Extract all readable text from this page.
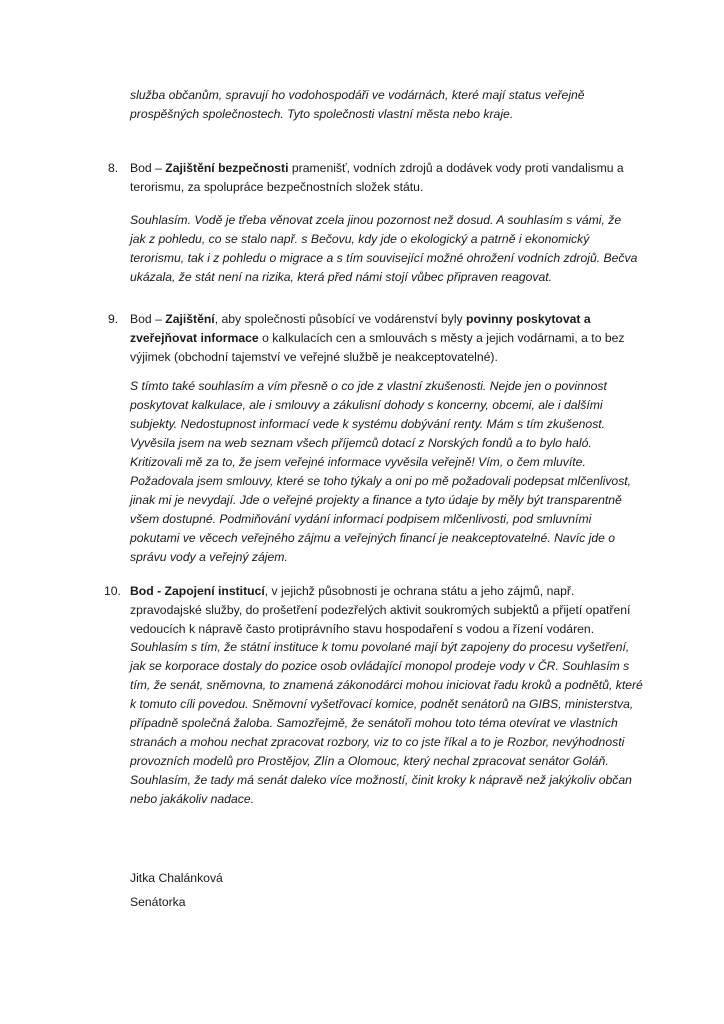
služba občanům, spravují ho vodohospodáři ve vodárnách, které mají status veřejně prospěšných společnostech. Tyto společnosti vlastní města nebo kraje.

8. Bod – Zajištění bezpečnosti pramenišť, vodních zdrojů a dodávek vody proti vandalismu a terorismu, za spolupráce bezpečnostních složek státu.

Souhlasím. Vodě je třeba věnovat zcela jinou pozornost než dosud. A souhlasím s vámi, že jak z pohledu, co se stalo např. s Bečovu, kdy jde o ekologický a patrně i ekonomický terorismu, tak i z pohledu o migrace a s tím související možné ohrožení vodních zdrojů. Bečva ukázala, že stát není na rizika, která před námi stojí vůbec připraven reagovat.

9. Bod – Zajištění, aby společnosti působící ve vodárenství byly povinny poskytovat a zveřejňovat informace o kalkulacích cen a smlouvách s městy a jejich vodárnami, a to bez výjimek (obchodní tajemství ve veřejné službě je neakceptovatelné).

S tímto také souhlasím a vím přesně o co jde z vlastní zkušenosti. Nejde jen o povinnost poskytovat kalkulace, ale i smlouvy a zákulisní dohody s koncerny, obcemi, ale i dalšími subjekty. Nedostupnost informací vede k systému dobývání renty. Mám s tím zkušenost. Vyvěsila jsem na web seznam všech příjemců dotací z Norských fondů a to bylo haló. Kritizovali mě za to, že jsem veřejné informace vyvěsila veřejně! Vím, o čem mluvíte. Požadovala jsem smlouvy, které se toho týkaly a oni po mě požadovali podepsat mlčenlivost, jinak mi je nevydají. Jde o veřejné projekty a finance a tyto údaje by měly být transparentně všem dostupné. Podmiňování vydání informací podpisem mlčenlivosti, pod smluvními pokutami ve věcech veřejného zájmu a veřejných financí je neakceptovatelné. Navíc jde o správu vody a veřejný zájem.

10. Bod - Zapojení institucí, v jejichž působnosti je ochrana státu a jeho zájmů, např. zpravodajské služby, do prošetření podezřelých aktivit soukromých subjektů a přijetí opatření vedoucích k nápravě často protiprávního stavu hospodaření s vodou a řízení vodáren.

Souhlasím s tím, že státní instituce k tomu povolané mají být zapojeny do procesu vyšetření, jak se korporace dostaly do pozice osob ovládající monopol prodeje vody v ČR. Souhlasím s tím, že senát, sněmovna, to znamená zákonodárci mohou iniciovat řadu kroků a podnětů, které k tomuto cíli povedou. Sněmovní vyšetřovací komice, podnět senátorů na GIBS, ministerstva, případně společná žaloba. Samozřejmě, že senátoři mohou toto téma otevírat ve vlastních stranách a mohou nechat zpracovat rozbory, viz to co jste říkal a to je Rozbor, nevýhodnosti provozních modelů pro Prostějov, Zlín a Olomouc, který nechal zpracovat senátor Goláň. Souhlasím, že tady má senát daleko více možností, činit kroky k nápravě než jakýkoliv občan nebo jakákoliv nadace.

Jitka Chalánková
Senátorka
